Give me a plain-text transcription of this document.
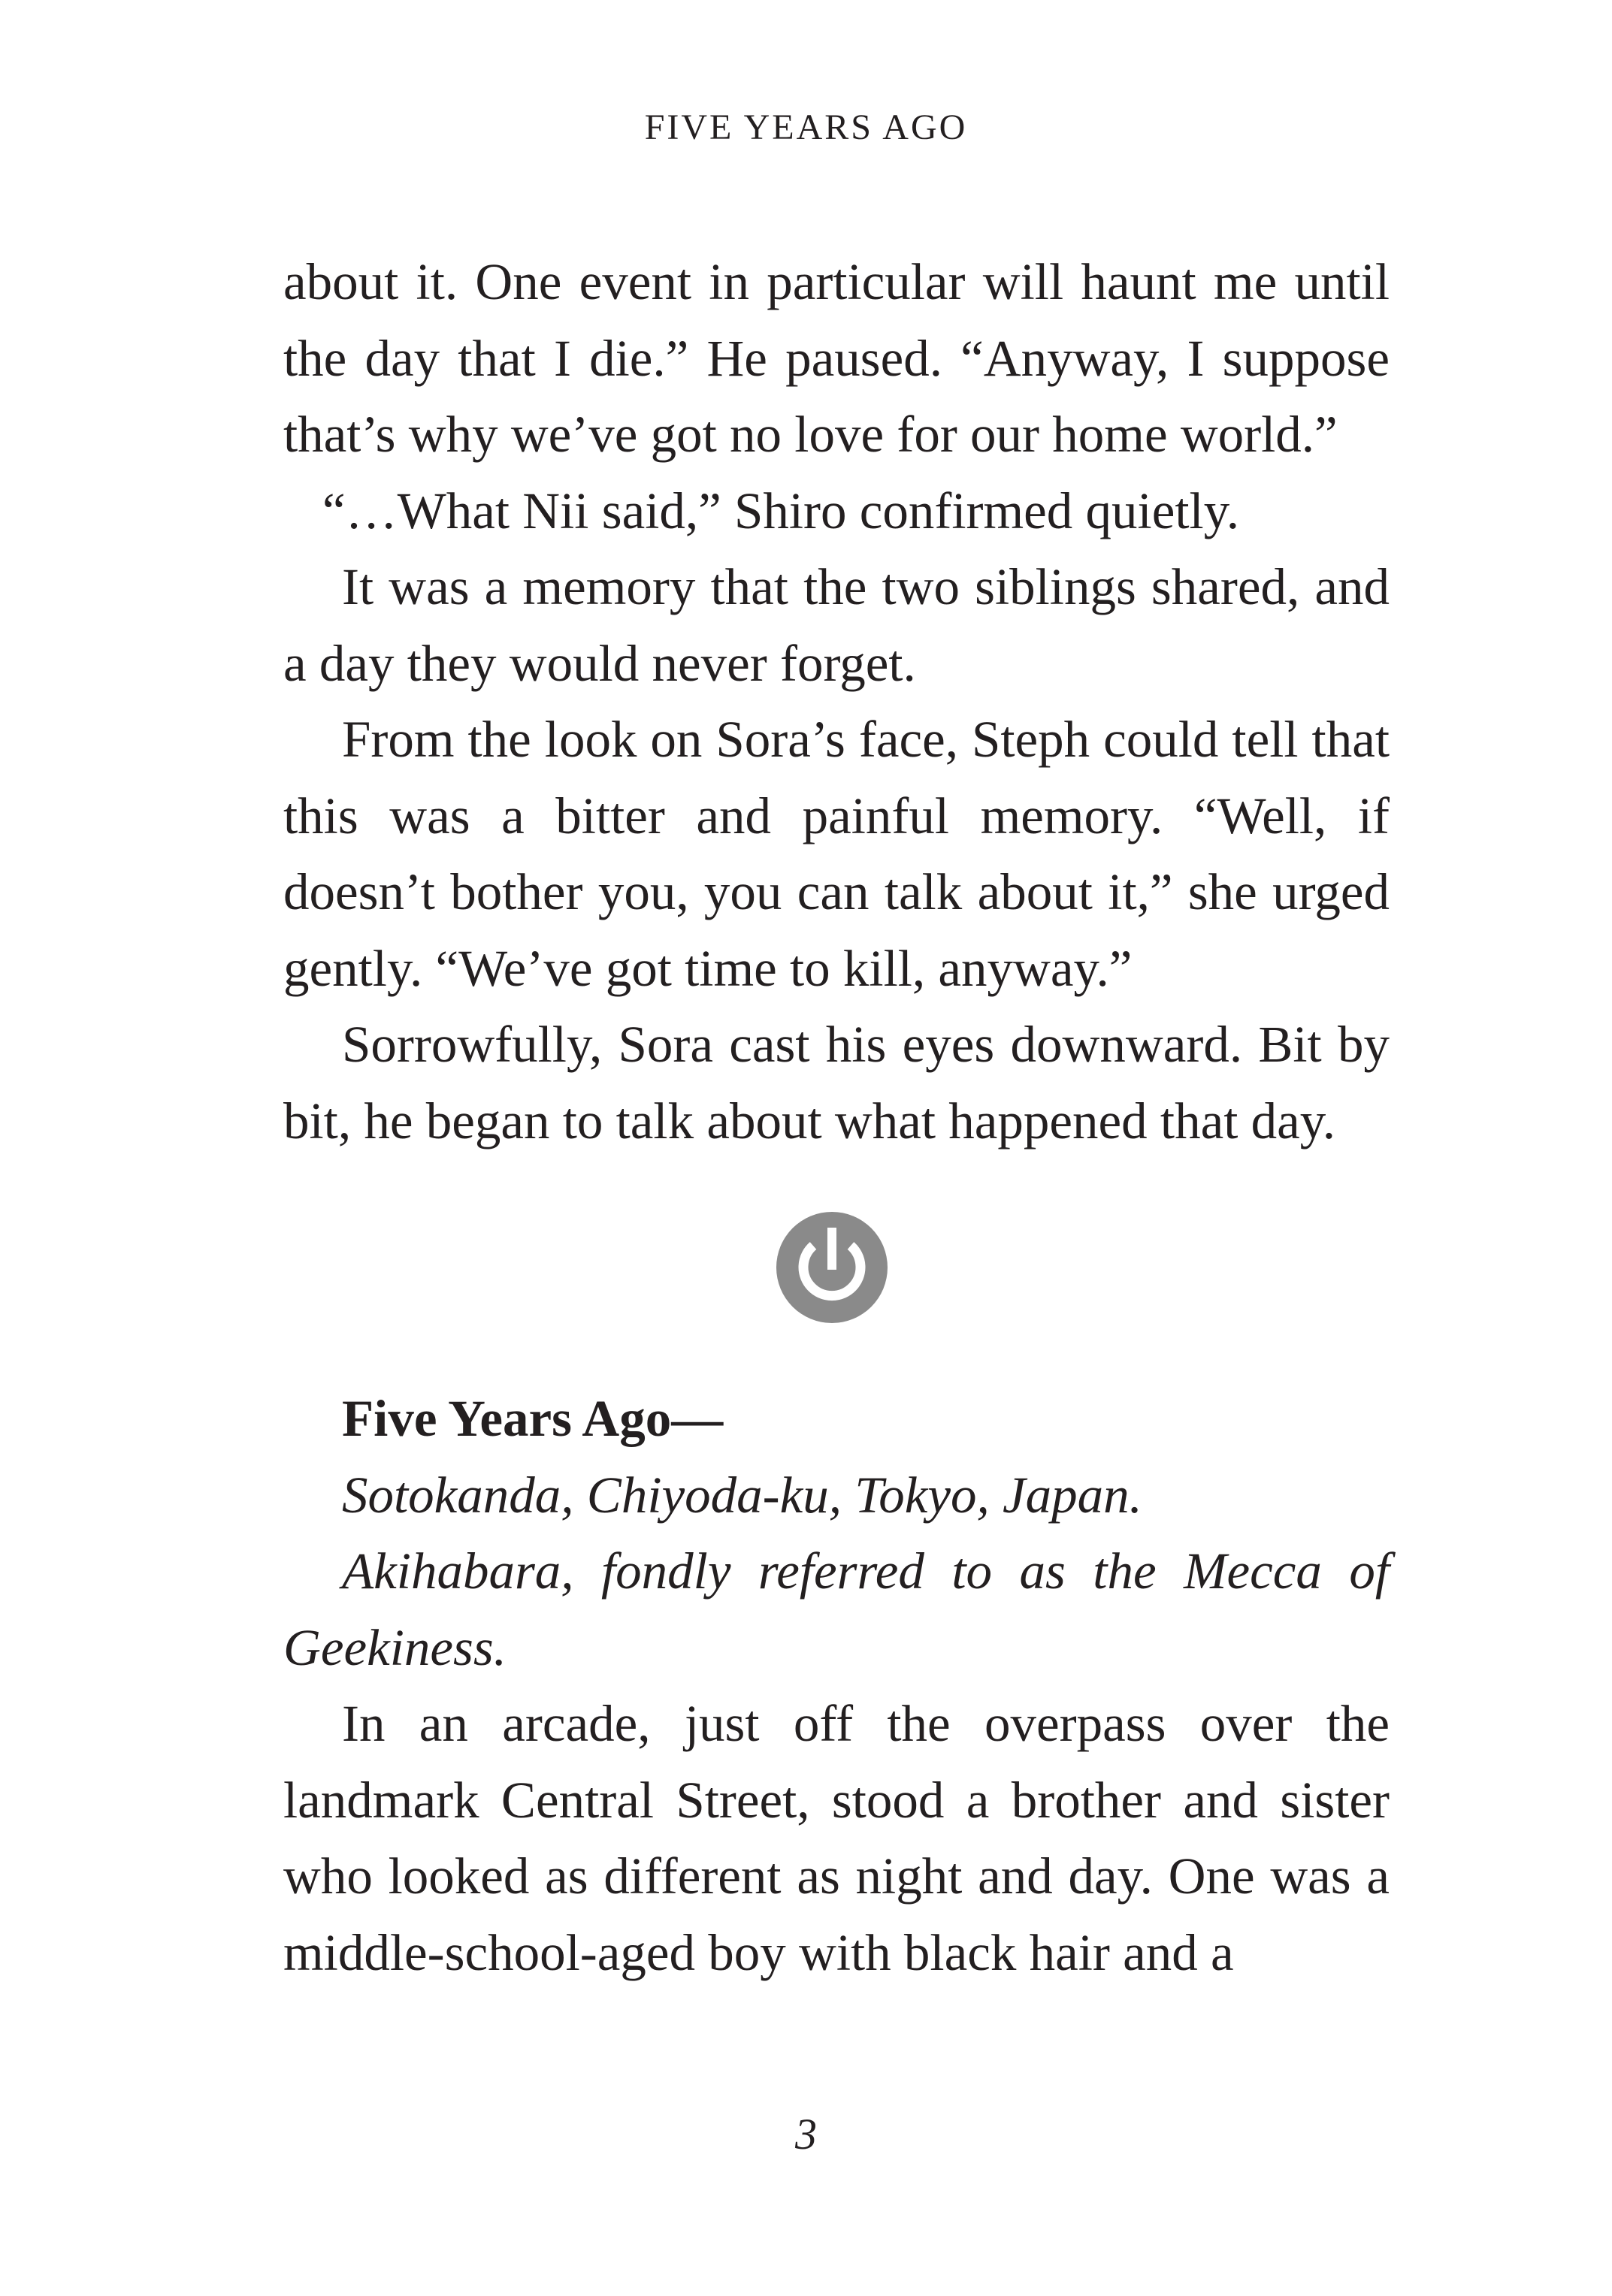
FIVE YEARS AGO

about it. One event in particular will haunt me until the day that I die.” He paused. “Anyway, I suppose that’s why we’ve got no love for our home world.”

“…What Nii said,” Shiro confirmed quietly.

It was a memory that the two siblings shared, and a day they would never forget.

From the look on Sora’s face, Steph could tell that this was a bitter and painful memory. “Well, if doesn’t bother you, you can talk about it,” she urged gently. “We’ve got time to kill, anyway.”

Sorrowfully, Sora cast his eyes downward. Bit by bit, he began to talk about what happened that day.

Five Years Ago—

Sotokanda, Chiyoda-ku, Tokyo, Japan.

Akihabara, fondly referred to as the Mecca of Geekiness.

In an arcade, just off the overpass over the landmark Central Street, stood a brother and sister who looked as different as night and day. One was a middle-school-aged boy with black hair and a

3
